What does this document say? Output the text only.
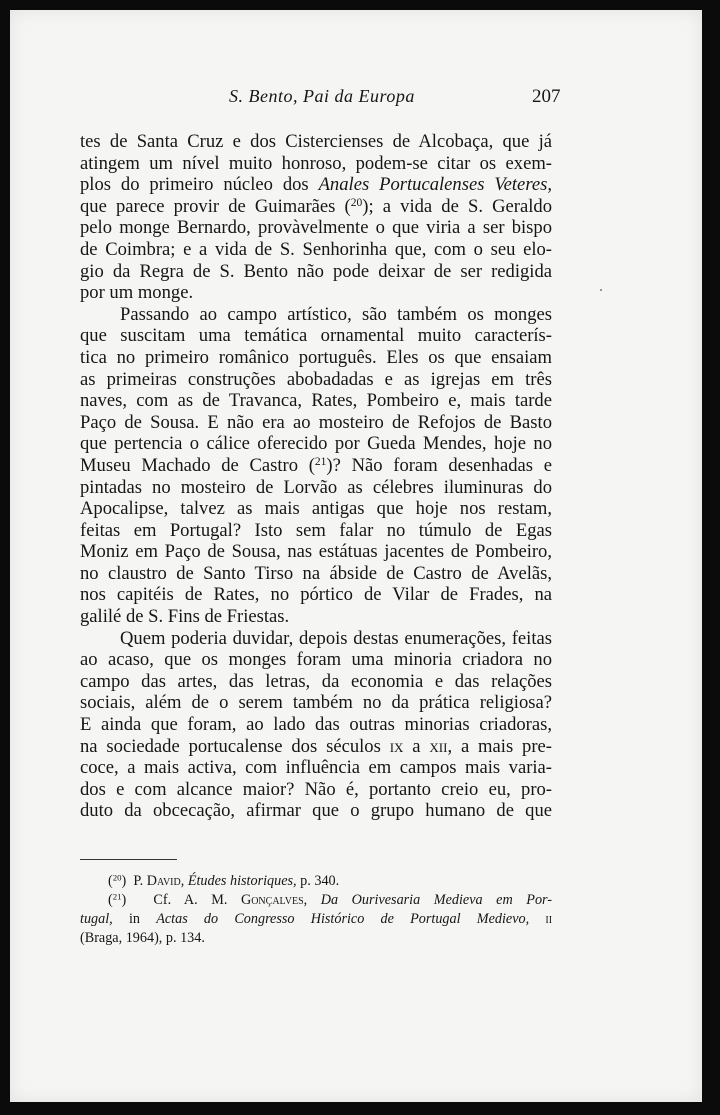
S. Bento, Pai da Europa	207
tes de Santa Cruz e dos Cistercienses de Alcobaça, que já
atingem um nível muito honroso, podem-se citar os exem-
plos do primeiro núcleo dos Anales Portucalenses Veteres,
que parece provir de Guimarães ($^{20}$); a vida de S. Geraldo
pelo monge Bernardo, provàvelmente o que viria a ser bispo
de Coimbra; e a vida de S. Senhorinha que, com o seu elo-
gio da Regra de S. Bento não pode deixar de ser redigida
por um monge.
Passando ao campo artístico, são também os monges
que suscitam uma temática ornamental muito caracterís-
tica no primeiro românico português. Eles os que ensaiam
as primeiras construções abobadadas e as igrejas em três
naves, com as de Travanca, Rates, Pombeiro e, mais tarde
Paço de Sousa. E não era ao mosteiro de Refojos de Basto
que pertencia o cálice oferecido por Gueda Mendes, hoje no
Museu Machado de Castro ($^{21}$)? Não foram desenhadas e
pintadas no mosteiro de Lorvão as célebres iluminuras do
Apocalipse, talvez as mais antigas que hoje nos restam,
feitas em Portugal? Isto sem falar no túmulo de Egas
Moniz em Paço de Sousa, nas estátuas jacentes de Pombeiro,
no claustro de Santo Tirso na ábside de Castro de Avelãs,
nos capitéis de Rates, no pórtico de Vilar de Frades, na
galilé de S. Fins de Friestas.
Quem poderia duvidar, depois destas enumerações, feitas
ao acaso, que os monges foram uma minoria criadora no
campo das artes, das letras, da economia e das relações
sociais, além de o serem também no da prática religiosa?
E ainda que foram, ao lado das outras minorias criadoras,
na sociedade portucalense dos séculos ix a xii, a mais pre-
coce, a mais activa, com influência em campos mais varia-
dos e com alcance maior? Não é, portanto creio eu, pro-
duto da obcecação, afirmar que o grupo humano de que
($^{20}$)  P. David, Études historiques, p. 340.
($^{21}$)  Cf. A. M. Gonçalves, Da Ourivesaria Medieva em Por-
tugal, in Actas do Congresso Histórico de Portugal Medievo, ii
(Braga, 1964), p. 134.
